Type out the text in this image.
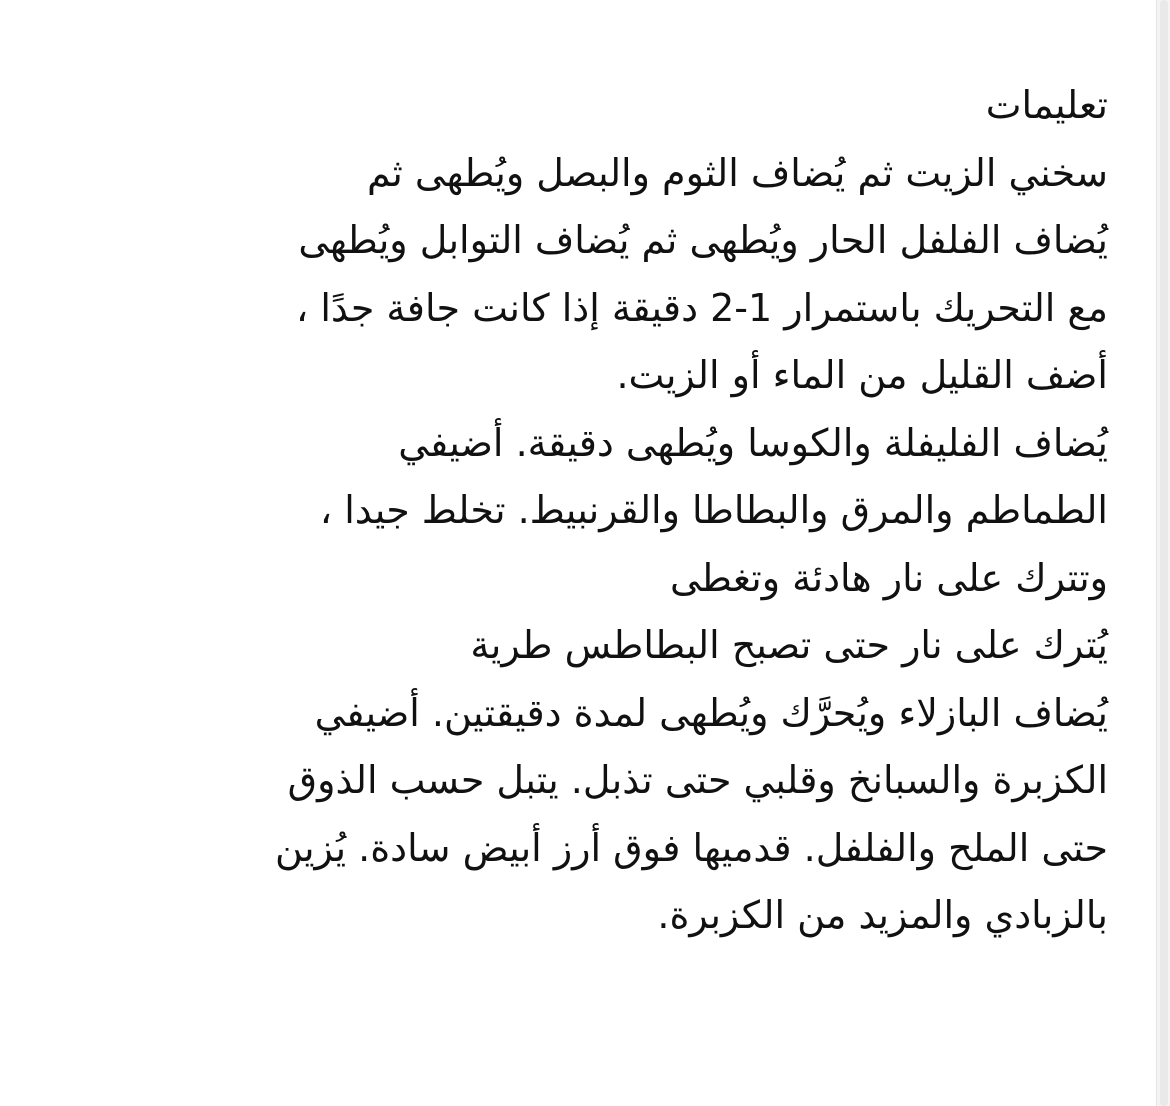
تعليمات
سخني الزيت ثم يُضاف الثوم والبصل ويُطهى ثم
يُضاف الفلفل الحار ويُطهى ثم يُضاف التوابل ويُطهى
مع التحريك باستمرار 1-2 دقيقة إذا كانت جافة جدًا ،
أضف القليل من الماء أو الزيت.
يُضاف الفليفلة والكوسا ويُطهى دقيقة. أضيفي
الطماطم والمرق والبطاطا والقرنبيط. تخلط جيدا ،
وتترك على نار هادئة وتغطى
يُترك على نار حتى تصبح البطاطس طرية
يُضاف البازلاء ويُحرَّك ويُطهى لمدة دقيقتين. أضيفي
الكزبرة والسبانخ وقلبي حتى تذبل. يتبل حسب الذوق
حتى الملح والفلفل. قدميها فوق أرز أبيض سادة. يُزين
بالزبادي والمزيد من الكزبرة.
